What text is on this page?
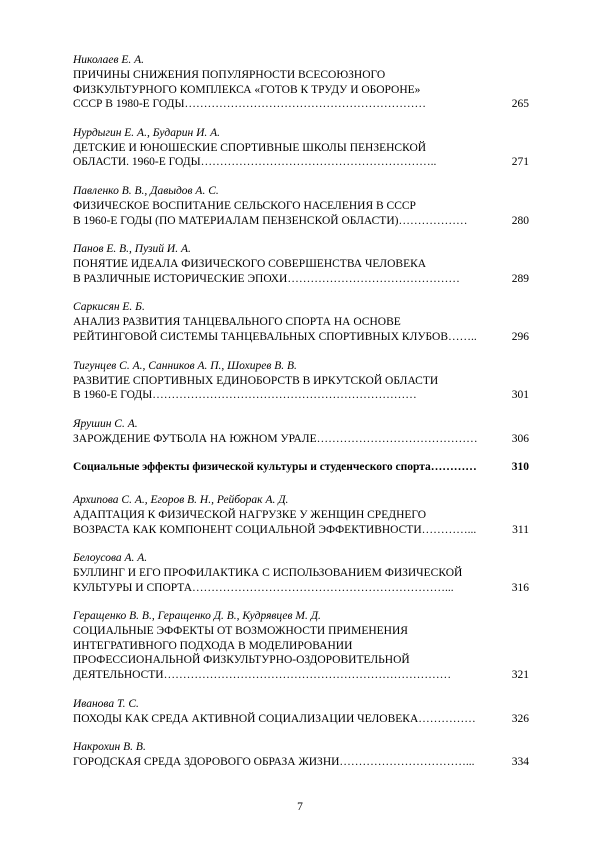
Николаев Е. А.
ПРИЧИНЫ СНИЖЕНИЯ ПОПУЛЯРНОСТИ ВСЕСОЮЗНОГО
ФИЗКУЛЬТУРНОГО КОМПЛЕКСА «ГОТОВ К ТРУДУ И ОБОРОНЕ»
СССР В 1980-Е ГОДЫ………………………………………………………	265
Нурдыгин Е. А., Бударин И. А.
ДЕТСКИЕ И ЮНОШЕСКИЕ СПОРТИВНЫЕ ШКОЛЫ ПЕНЗЕНСКОЙ
ОБЛАСТИ. 1960-Е ГОДЫ……………………………………………………..	271
Павленко В. В., Давыдов А. С.
ФИЗИЧЕСКОЕ ВОСПИТАНИЕ СЕЛЬСКОГО НАСЕЛЕНИЯ В СССР
В 1960-Е ГОДЫ (ПО МАТЕРИАЛАМ ПЕНЗЕНСКОЙ ОБЛАСТИ)………………	280
Панов Е. В., Пузий И. А.
ПОНЯТИЕ ИДЕАЛА ФИЗИЧЕСКОГО СОВЕРШЕНСТВА ЧЕЛОВЕКА
В РАЗЛИЧНЫЕ ИСТОРИЧЕСКИЕ ЭПОХИ………………………………………	289
Саркисян Е. Б.
АНАЛИЗ РАЗВИТИЯ ТАНЦЕВАЛЬНОГО СПОРТА НА ОСНОВЕ
РЕЙТИНГОВОЙ СИСТЕМЫ ТАНЦЕВАЛЬНЫХ СПОРТИВНЫХ КЛУБОВ……..	296
Тигунцев С. А., Санников А. П., Шохирев В. В.
РАЗВИТИЕ СПОРТИВНЫХ ЕДИНОБОРСТВ В ИРКУТСКОЙ ОБЛАСТИ
В 1960-Е ГОДЫ……………………………………………………………	301
Ярушин С. А.
ЗАРОЖДЕНИЕ ФУТБОЛА НА ЮЖНОМ УРАЛЕ……………………………………	306
Социальные эффекты физической культуры и студенческого спорта…………	310
Архипова С. А., Егоров В. Н., Рейборак А. Д.
АДАПТАЦИЯ К ФИЗИЧЕСКОЙ НАГРУЗКЕ У ЖЕНЩИН СРЕДНЕГО
ВОЗРАСТА КАК КОМПОНЕНТ СОЦИАЛЬНОЙ ЭФФЕКТИВНОСТИ…………...	311
Белоусова А. А.
БУЛЛИНГ И ЕГО ПРОФИЛАКТИКА С ИСПОЛЬЗОВАНИЕМ ФИЗИЧЕСКОЙ
КУЛЬТУРЫ И СПОРТА…………………………………………………………...	316
Геращенко В. В., Геращенко Д. В., Кудрявцев М. Д.
СОЦИАЛЬНЫЕ ЭФФЕКТЫ ОТ ВОЗМОЖНОСТИ ПРИМЕНЕНИЯ
ИНТЕГРАТИВНОГО ПОДХОДА В МОДЕЛИРОВАНИИ
ПРОФЕССИОНАЛЬНОЙ ФИЗКУЛЬТУРНО-ОЗДОРОВИТЕЛЬНОЙ
ДЕЯТЕЛЬНОСТИ…………………………………………………………………	321
Иванова Т. С.
ПОХОДЫ КАК СРЕДА АКТИВНОЙ СОЦИАЛИЗАЦИИ ЧЕЛОВЕКА……………	326
Накрохин В. В.
ГОРОДСКАЯ СРЕДА ЗДОРОВОГО ОБРАЗА ЖИЗНИ……………………………...	334
7
